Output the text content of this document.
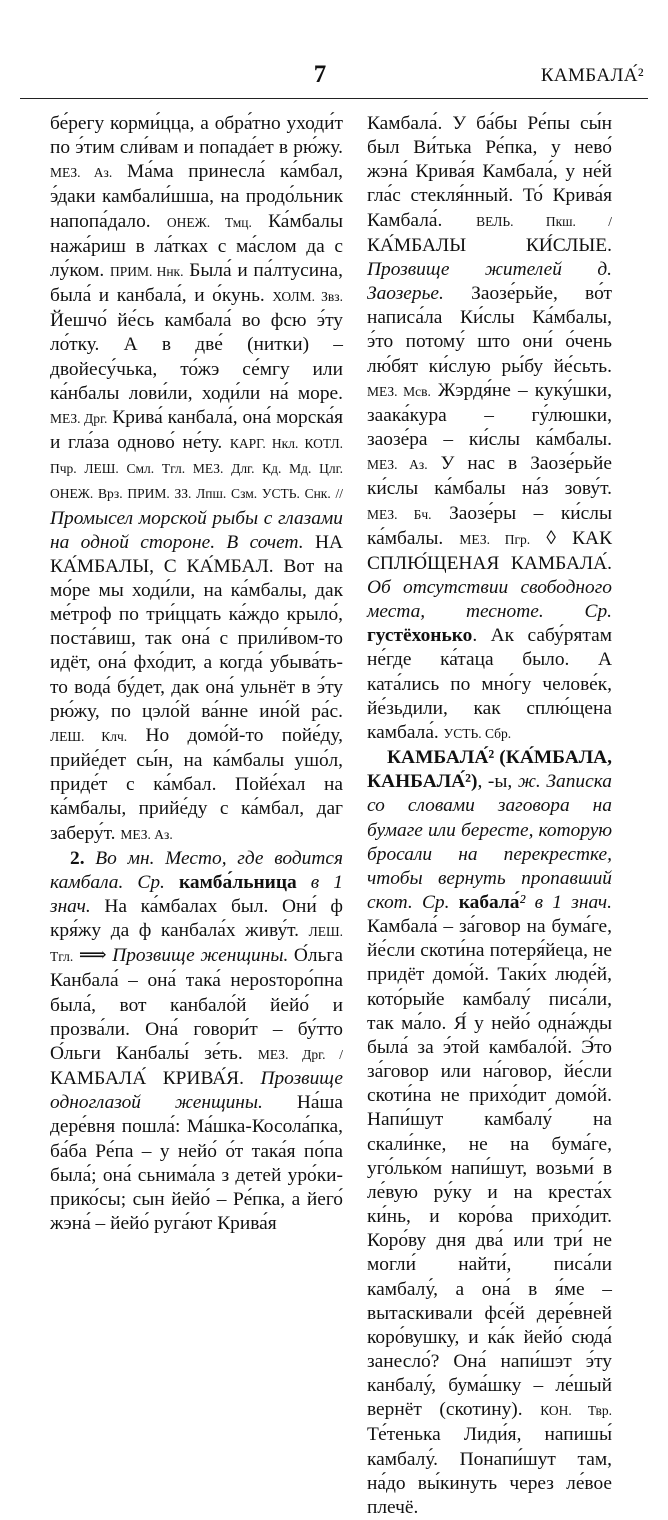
7	КАМБАЛА́²

бе́регу корми́цца, а обра́тно уходи́т по э́тим сли́вам и попада́ет в рю́жу. МЕЗ. Аз. Ма́ма принесла́ ка́мбал, э́даки камбали́шша, на продо́льник напопа́дало. ОНЕЖ. Тмц. Ка́мбалы нажа́риш в ла́тках с ма́слом да с лу́ком. ПРИМ. Ннк. Была́ и па́лтусина, была́ и канбала́, и о́кунь. ХОЛМ. Звз. Йешчо́ йе́сь камбала́ во фсю э́ту ло́тку. А в две́ (нитки) – двойесу́чька, то́жэ се́мгу или ка́нбалы лови́ли, ходи́ли на́ море. МЕЗ. Дрг. Крива́ канбала́, она́ морска́я и гла́за одново́ не́ту. КАРГ. Нкл. КОТЛ. Пчр. ЛЕШ. Смл. Тгл. МЕЗ. Длг. Кд. Мд. Цлг. ОНЕЖ. Врз. ПРИМ. ЗЗ. Лпш. Сзм. УСТЬ. Снк. // Промысел морской рыбы с глазами на одной стороне. В сочет. НА КА́МБАЛЫ, С КА́МБАЛ. Вот на мо́ре мы ходи́ли, на ка́мбалы, дак ме́троф по три́ццать ка́ждо крыло́, поста́виш, так она́ с прили́вом-то идёт, она́ фхо́дит, а когда́ убыва́ть-то вода́ бу́дет, дак она́ ульнёт в э́ту рю́жу, по цэло́й ва́нне ино́й ра́с. ЛЕШ. Клч. Но домо́й-то пойе́ду, прийе́дет сы́н, на ка́мбалы ушо́л, приде́т с ка́мбал. Пойе́хал на ка́мбалы, прийе́ду с ка́мбал, даг заберу́т. МЕЗ. Аз.

2. Во мн. Место, где водится камбала. Ср. камба́льница в 1 знач. На ка́мбалах был. Они́ ф кря́жу да ф канбала́х живу́т. ЛЕШ. Тгл. ⟹ Прозвище женщины. О́льга Канбала́ – она́ така́ нерosторо́пна была́, вот канбало́й йейо́ и прозва́ли. Она́ говори́т – бу́тто О́льги Канбалы́ зе́ть. МЕЗ. Дрг. / КАМБАЛА́ КРИВА́Я. Прозвище одноглазой женщины. На́ша дере́вня пошла́: Ма́шка-Косола́пка, ба́ба Ре́па – у нейо́ о́т така́я по́па была́; она́ сьнима́ла з детей уро́ки-прико́сы; сын йейо́ – Ре́пка, а йего́ жэна́ – йейо́ руга́ют Крива́я

Камбала́. У ба́бы Ре́пы сы́н был Ви́тька Ре́пка, у нево́ жэна́ Крива́я Камбала́, у не́й гла́с стекля́нный. То́ Крива́я Камбала́. ВЕЛЬ. Пкш. / КА́МБАЛЫ КИ́СЛЫЕ. Прозвище жителей д. Заозерье. Заозе́рьйе, во́т написа́ла Ки́слы Ка́мбалы, э́то потому́ што они́ о́чень лю́бят ки́слую ры́бу йе́сьть. МЕЗ. Мсв. Жэрдя́не – куку́шки, заака́кура – гу́люшки, заозе́ра – ки́слы ка́мбалы. МЕЗ. Аз. У нас в Заозе́рьйе ки́слы ка́мбалы на́з зову́т. МЕЗ. Бч. Заозе́ры – ки́слы ка́мбалы. МЕЗ. Пгр. ◊ КАК СПЛЮ́ЩЕНАЯ КАМБАЛА́. Об отсутствии свободного места, тесноте. Ср. густёхонько. Ак сабу́рятам не́где ка́таца было. А ката́лись по мно́гу челове́к, йе́зьдили, как сплю́щена камбала́. УСТЬ. Сбр.

КАМБАЛА́² (КА́МБАЛА, КАНБАЛА́²), -ы, ж. Записка со словами заговора на бумаге или бересте, которую бросали на перекрестке, чтобы вернуть пропавший скот. Ср. кабала́² в 1 знач. Камбала́ – за́говор на бума́ге, йе́сли скоти́на потеря́йеца, не придёт домо́й. Таки́х люде́й, кото́рыйе камбалу́ писа́ли, так ма́ло. Я́ у нейо́ одна́жды была́ за э́той камбало́й. Э́то за́говор или на́говор, йе́сли скоти́на не прихо́дит домо́й. Напи́шут камбалу́ на скали́нке, не на бума́ге, уго́лько́м напи́шут, возьми́ в ле́вую ру́ку и на креста́х ки́нь, и коро́ва прихо́дит. Коро́ву дня два́ или три́ не могли́ найти́, писа́ли камбалу́, а она́ в я́ме – вытаскивали фсе́й дере́вней коро́вушку, и ка́к йейо́ сюда́ занесло́? Она́ напи́шэт э́ту канбалу́, бума́шку – ле́шый вернёт (скотину). КОН. Твр. Те́тенька Лиди́я, напишы́ камбалу́. Понапи́шут там, на́до вы́кинуть через ле́вое плечё.
